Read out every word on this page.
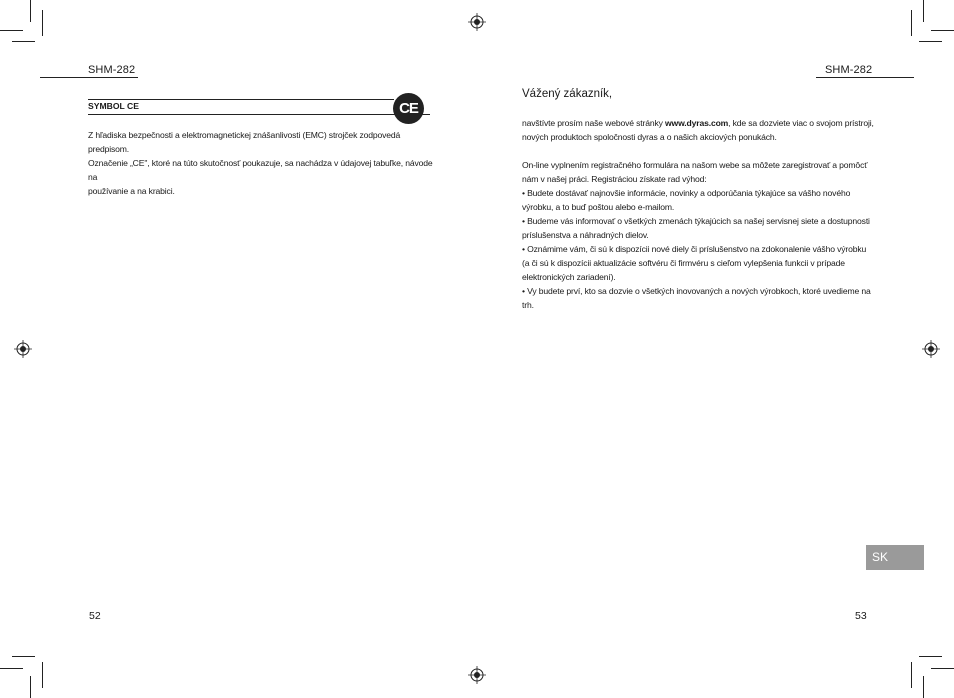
SHM-282
SYMBOL CE	CE

Z hľadiska bezpečnosti a elektromagnetickej znášanlivosti (EMC) strojček zodpovedá predpisom.

Označenie „CE", ktoré na túto skutočnosť poukazuje, sa nachádza v údajovej tabuľke, návode na

používanie a na krabici.

52
SHM-282
Vážený zákazník,

navštívte prosím naše webové stránky www.dyras.com, kde sa dozviete viac o svojom prístroji,

nových produktoch spoločnosti dyras a o našich akciových ponukách.

On-line vyplnením registračného formulára na našom webe sa môžete zaregistrovať a pomôcť

nám v našej práci. Registráciou získate rad výhod:

• Budete dostávať najnovšie informácie, novinky a odporúčania týkajúce sa vášho nového

výrobku, a to buď poštou alebo e-mailom.

• Budeme vás informovať o všetkých zmenách týkajúcich sa našej servisnej siete a dostupnosti

príslušenstva a náhradných dielov.

• Oznámime vám, či sú k dispozícii nové diely či príslušenstvo na zdokonalenie vášho výrobku

(a či sú k dispozícii aktualizácie softvéru či firmvéru s cieľom vylepšenia funkcii v prípade

elektronických zariadení).

• Vy budete prví, kto sa dozvie o všetkých inovovaných a nových výrobkoch, ktoré uvedieme na

trh.

SK
53
